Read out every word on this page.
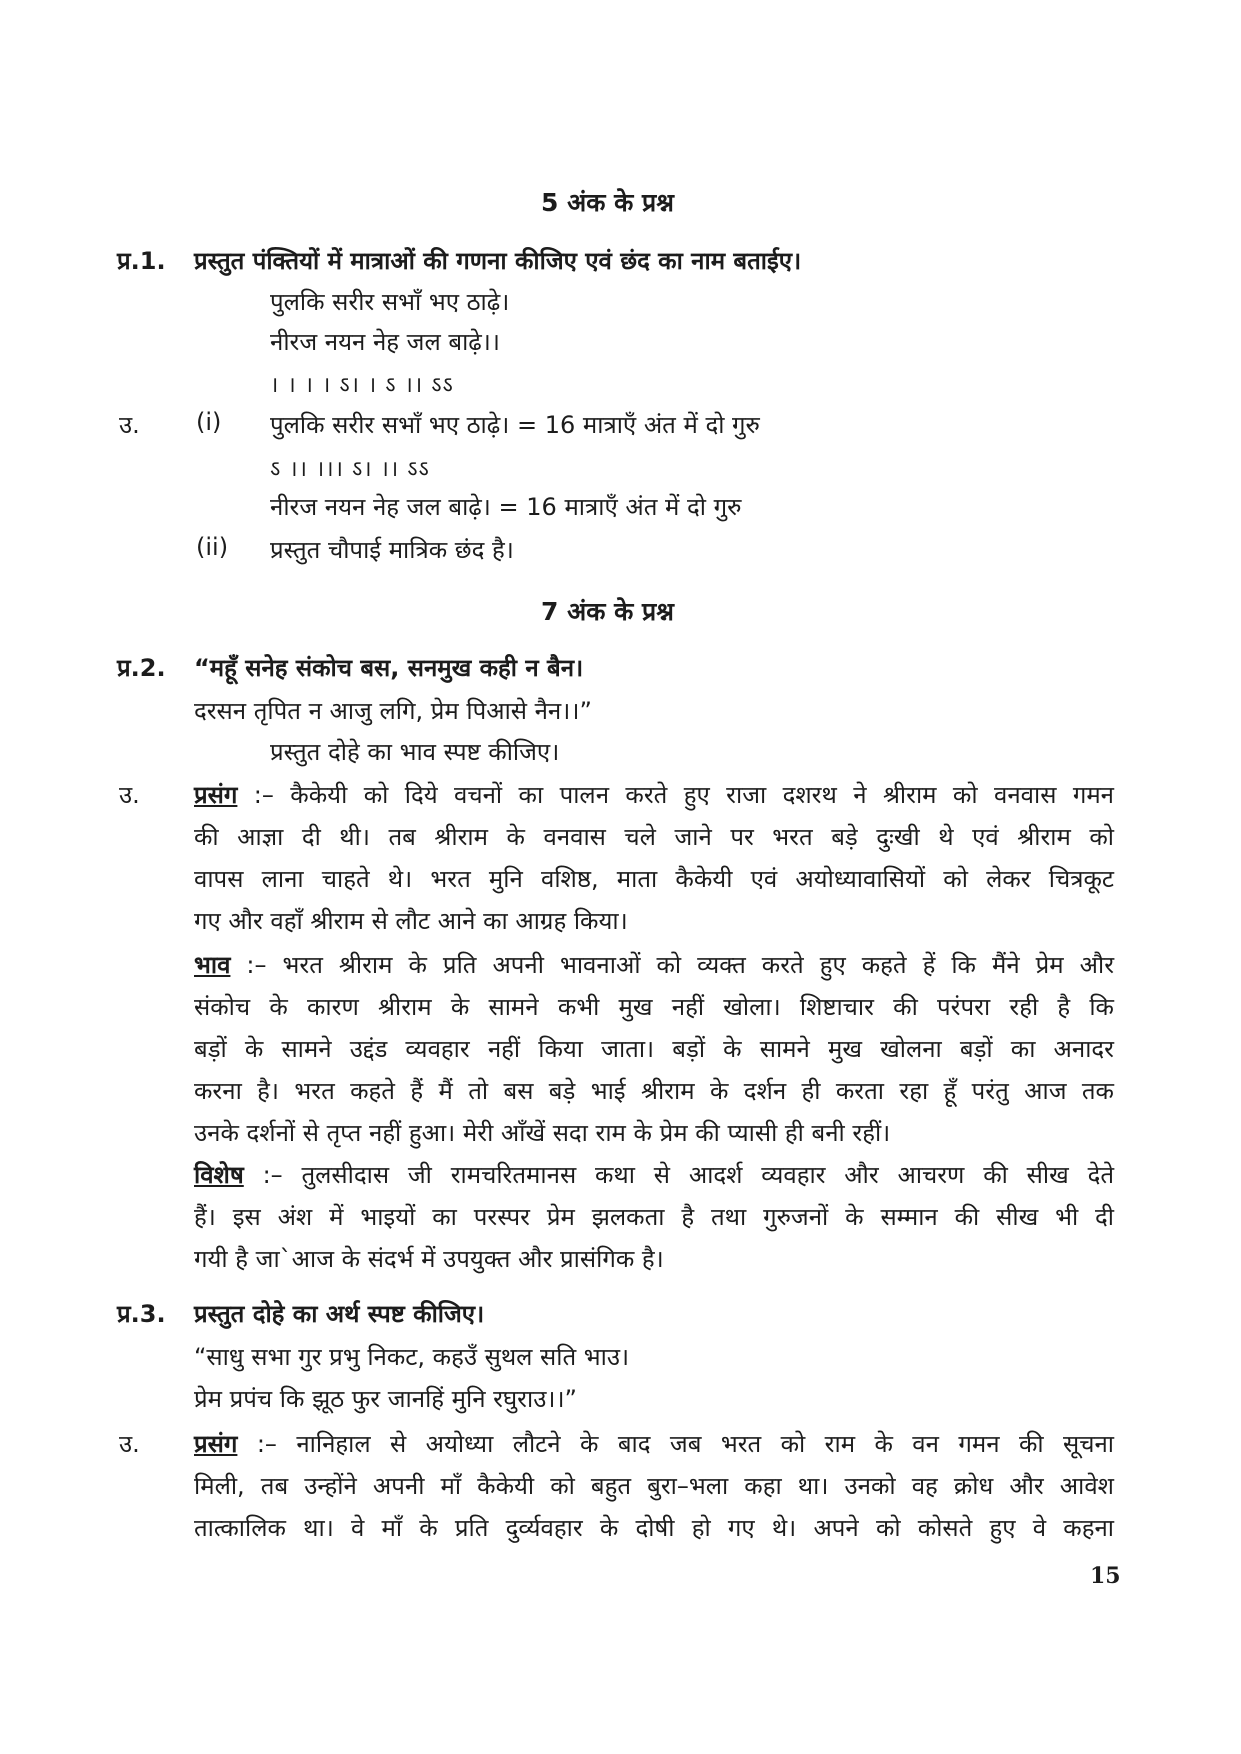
5 अंक के प्रश्न
प्र.1. प्रस्तुत पंक्तियों में मात्राओं की गणना कीजिए एवं छंद का नाम बताईए।
पुलकि सरीर सभाँ भए ठाढ़े।
नीरज नयन नेह जल बाढ़े।।
। । । । ऽ। । ऽ ।। ऽऽ
उ. (i) पुलकि सरीर सभाँ भए ठाढ़े। = 16 मात्राएँ अंत में दो गुरु
ऽ ।। ।।। ऽ। ।। ऽऽ
नीरज नयन नेह जल बाढ़े। = 16 मात्राएँ अंत में दो गुरु
(ii) प्रस्तुत चौपाई मात्रिक छंद है।
7 अंक के प्रश्न
प्र.2. “महूँ सनेह संकोच बस, सनमुख कही न बैन।
दरसन तृपित न आजु लगि, प्रेम पिआसे नैन।।”
प्रस्तुत दोहे का भाव स्पष्ट कीजिए।
उ. प्रसंग :– कैकेयी को दिये वचनों का पालन करते हुए राजा दशरथ ने श्रीराम को वनवास गमन
की आज्ञा दी थी। तब श्रीराम के वनवास चले जाने पर भरत बड़े दुःखी थे एवं श्रीराम को
वापस लाना चाहते थे। भरत मुनि वशिष्ठ, माता कैकेयी एवं अयोध्यावासियों को लेकर चित्रकूट
गए और वहाँ श्रीराम से लौट आने का आग्रह किया।
भाव :– भरत श्रीराम के प्रति अपनी भावनाओं को व्यक्त करते हुए कहते हें कि मैंने प्रेम और
संकोच के कारण श्रीराम के सामने कभी मुख नहीं खोला। शिष्टाचार की परंपरा रही है कि
बड़ों के सामने उद्दंड व्यवहार नहीं किया जाता। बड़ों के सामने मुख खोलना बड़ों का अनादर
करना है। भरत कहते हैं मैं तो बस बड़े भाई श्रीराम के दर्शन ही करता रहा हूँ परंतु आज तक
उनके दर्शनों से तृप्त नहीं हुआ। मेरी आँखें सदा राम के प्रेम की प्यासी ही बनी रहीं।
विशेष :– तुलसीदास जी रामचरितमानस कथा से आदर्श व्यवहार और आचरण की सीख देते
हैं। इस अंश में भाइयों का परस्पर प्रेम झलकता है तथा गुरुजनों के सम्मान की सीख भी दी
गयी है जा`आज के संदर्भ में उपयुक्त और प्रासंगिक है।
प्र.3. प्रस्तुत दोहे का अर्थ स्पष्ट कीजिए।
“साधु सभा गुर प्रभु निकट, कहउँ सुथल सति भाउ।
प्रेम प्रपंच कि झूठ फुर जानहिं मुनि रघुराउ।।”
उ. प्रसंग :– नानिहाल से अयोध्या लौटने के बाद जब भरत को राम के वन गमन की सूचना
मिली, तब उन्होंने अपनी माँ कैकेयी को बहुत बुरा–भला कहा था। उनको वह क्रोध और आवेश
तात्कालिक था। वे माँ के प्रति दुर्व्यवहार के दोषी हो गए थे। अपने को कोसते हुए वे कहना
15
